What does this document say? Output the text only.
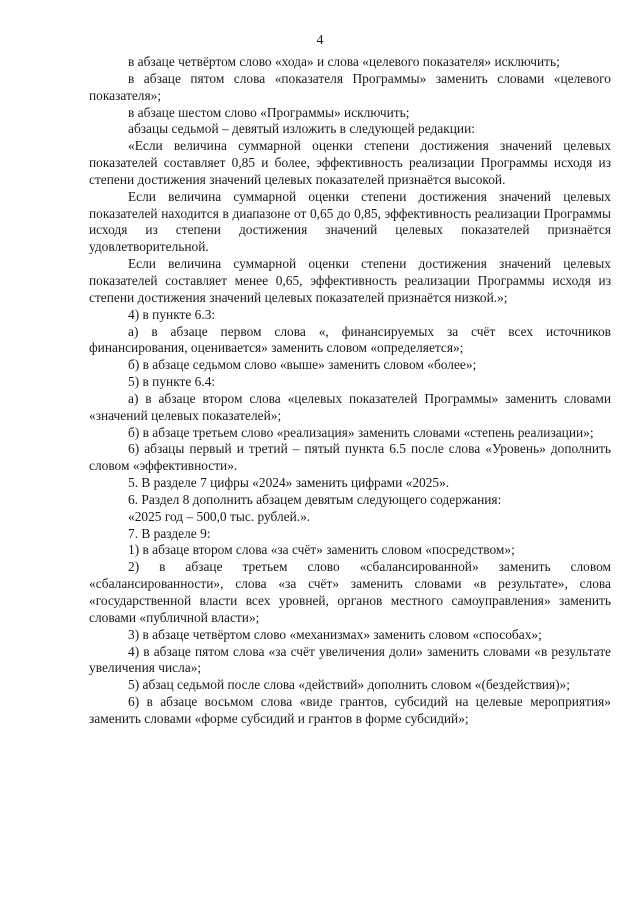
4

в абзаце четвёртом слово «хода» и слова «целевого показателя» исключить;

в абзаце пятом слова «показателя Программы» заменить словами «целевого показателя»;

в абзаце шестом слово «Программы» исключить;

абзацы седьмой – девятый изложить в следующей редакции:

«Если величина суммарной оценки степени достижения значений целевых показателей составляет 0,85 и более, эффективность реализации Программы исходя из степени достижения значений целевых показателей признаётся высокой.

Если величина суммарной оценки степени достижения значений целевых показателей находится в диапазоне от 0,65 до 0,85, эффективность реализации Программы исходя из степени достижения значений целевых показателей признаётся удовлетворительной.

Если величина суммарной оценки степени достижения значений целевых показателей составляет менее 0,65, эффективность реализации Программы исходя из степени достижения значений целевых показателей признаётся низкой.»;

4) в пункте 6.3:

а) в абзаце первом слова «, финансируемых за счёт всех источников финансирования, оценивается» заменить словом «определяется»;

б) в абзаце седьмом слово «выше» заменить словом «более»;

5) в пункте 6.4:

а) в абзаце втором слова «целевых показателей Программы» заменить словами «значений целевых показателей»;

б) в абзаце третьем слово «реализация» заменить словами «степень реализации»;

6) абзацы первый и третий – пятый пункта 6.5 после слова «Уровень» дополнить словом «эффективности».

5. В разделе 7 цифры «2024» заменить цифрами «2025».

6. Раздел 8 дополнить абзацем девятым следующего содержания:

«2025 год – 500,0 тыс. рублей.».

7. В разделе 9:

1) в абзаце втором слова «за счёт» заменить словом «посредством»;

2) в абзаце третьем слово «сбалансированной» заменить словом «сбалансированности», слова «за счёт» заменить словами «в результате», слова «государственной власти всех уровней, органов местного самоуправления» заменить словами «публичной власти»;

3) в абзаце четвёртом слово «механизмах» заменить словом «способах»;

4) в абзаце пятом слова «за счёт увеличения доли» заменить словами «в результате увеличения числа»;

5) абзац седьмой после слова «действий» дополнить словом «(бездействия)»;

6) в абзаце восьмом слова «виде грантов, субсидий на целевые мероприятия» заменить словами «форме субсидий и грантов в форме субсидий»;
